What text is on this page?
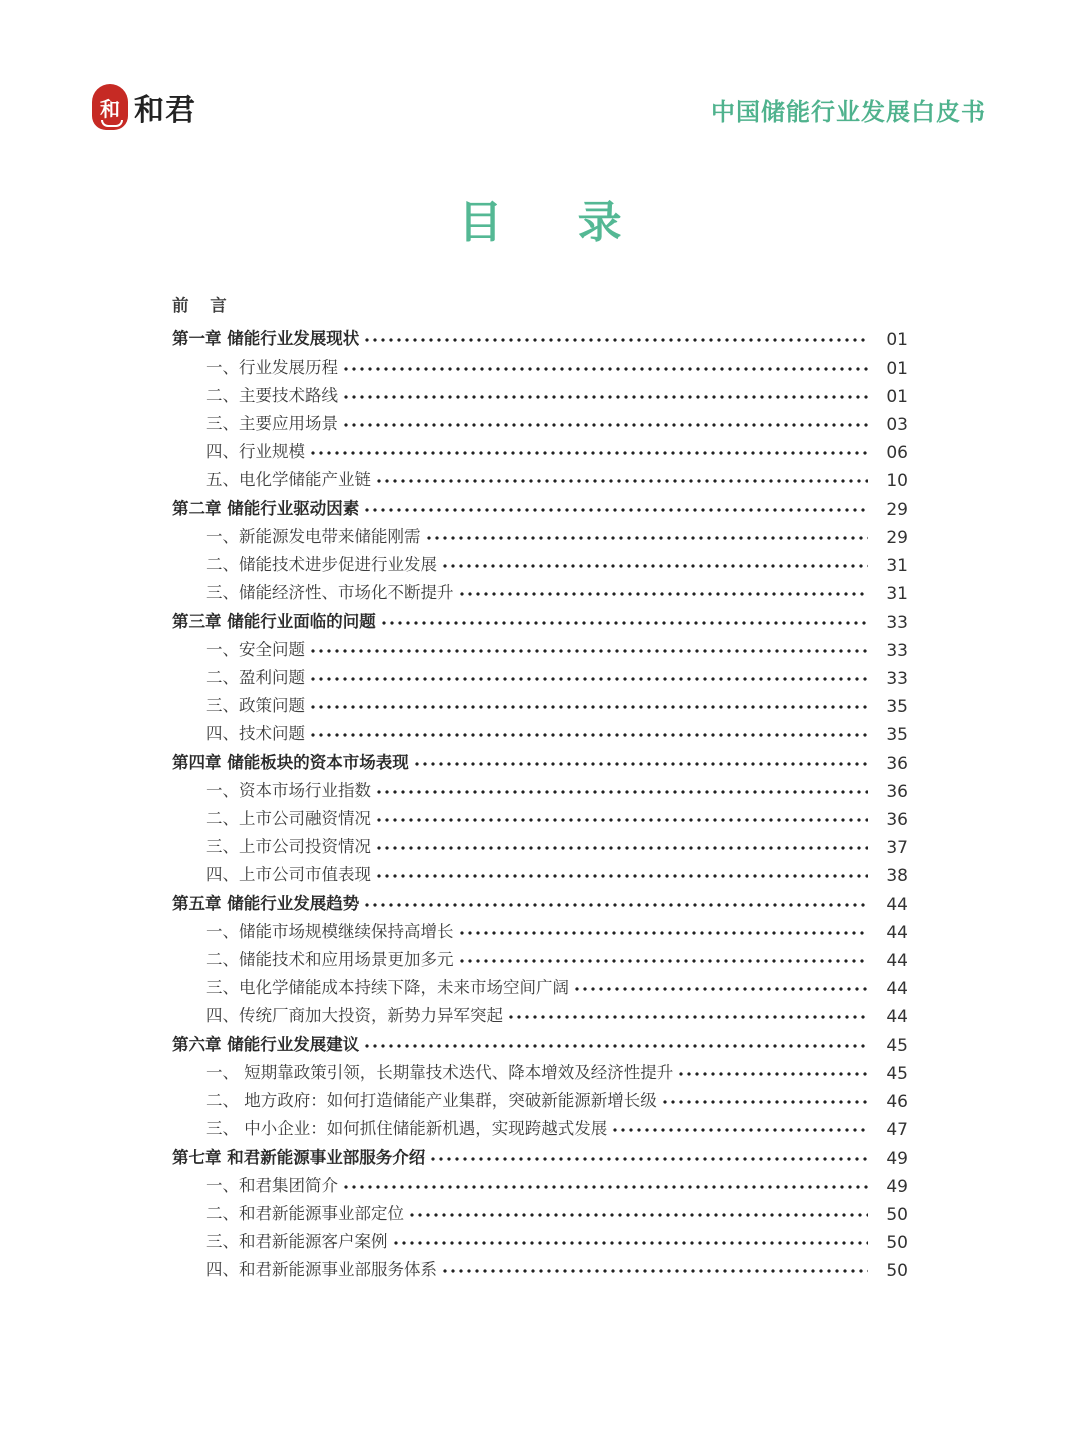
和 和君	中国储能行业发展白皮书
目 录
前 言
第一章 储能行业发展现状	01
一、行业发展历程	01
二、主要技术路线	01
三、主要应用场景	03
四、行业规模	06
五、电化学储能产业链	10
第二章 储能行业驱动因素	29
一、新能源发电带来储能刚需	29
二、储能技术进步促进行业发展	31
三、储能经济性、市场化不断提升	31
第三章 储能行业面临的问题	33
一、安全问题	33
二、盈利问题	33
三、政策问题	35
四、技术问题	35
第四章 储能板块的资本市场表现	36
一、资本市场行业指数	36
二、上市公司融资情况	36
三、上市公司投资情况	37
四、上市公司市值表现	38
第五章 储能行业发展趋势	44
一、储能市场规模继续保持高增长	44
二、储能技术和应用场景更加多元	44
三、电化学储能成本持续下降，未来市场空间广阔	44
四、传统厂商加大投资，新势力异军突起	44
第六章 储能行业发展建议	45
一、 短期靠政策引领，长期靠技术迭代、降本增效及经济性提升	45
二、 地方政府：如何打造储能产业集群，突破新能源新增长级	46
三、 中小企业：如何抓住储能新机遇，实现跨越式发展	47
第七章 和君新能源事业部服务介绍	49
一、和君集团简介	49
二、和君新能源事业部定位	50
三、和君新能源客户案例	50
四、和君新能源事业部服务体系	50
